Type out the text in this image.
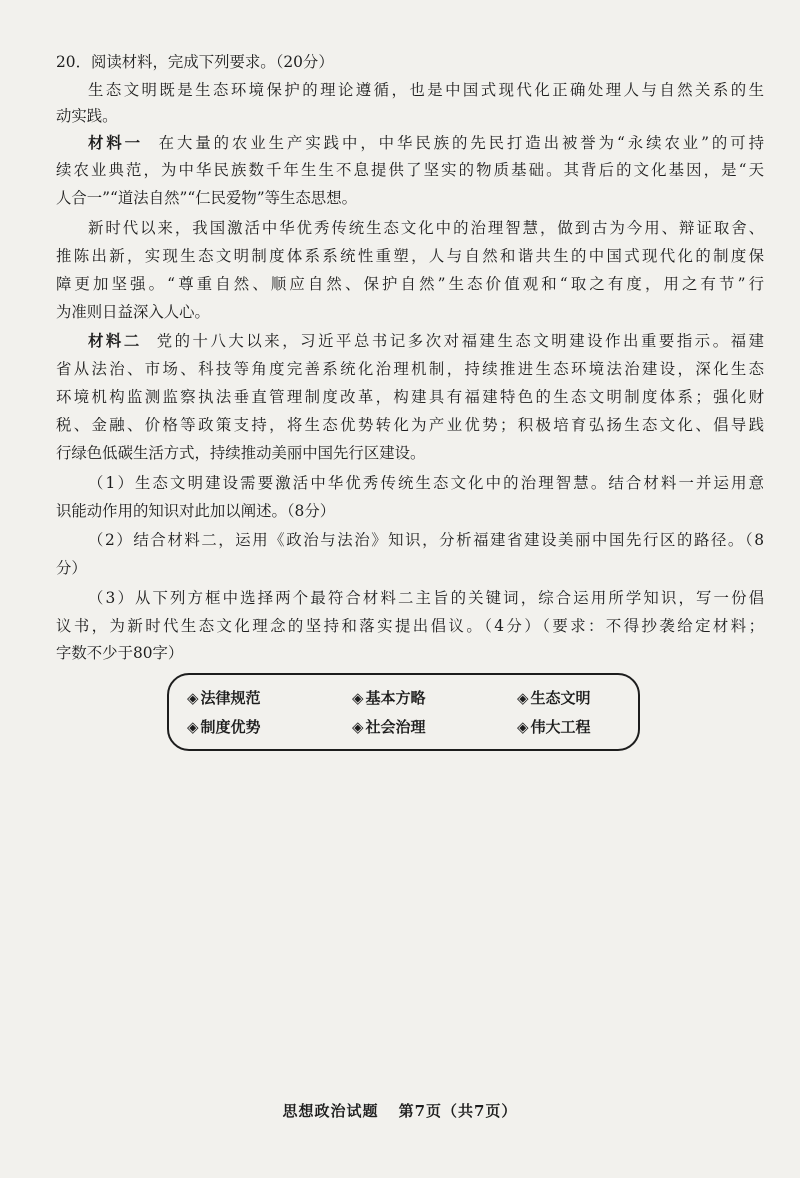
20．阅读材料，完成下列要求。（20分）
生态文明既是生态环境保护的理论遵循，也是中国式现代化正确处理人与自然关系的生
动实践。
材料一 在大量的农业生产实践中，中华民族的先民打造出被誉为“永续农业”的可持
续农业典范，为中华民族数千年生生不息提供了坚实的物质基础。其背后的文化基因，是“天
人合一”“道法自然”“仁民爱物”等生态思想。
新时代以来，我国激活中华优秀传统生态文化中的治理智慧，做到古为今用、辩证取舍、
推陈出新，实现生态文明制度体系系统性重塑，人与自然和谐共生的中国式现代化的制度保
障更加坚强。“尊重自然、顺应自然、保护自然”生态价值观和“取之有度，用之有节”行
为准则日益深入人心。
材料二 党的十八大以来，习近平总书记多次对福建生态文明建设作出重要指示。福建
省从法治、市场、科技等角度完善系统化治理机制，持续推进生态环境法治建设，深化生态
环境机构监测监察执法垂直管理制度改革，构建具有福建特色的生态文明制度体系；强化财
税、金融、价格等政策支持，将生态优势转化为产业优势；积极培育弘扬生态文化、倡导践
行绿色低碳生活方式，持续推动美丽中国先行区建设。
（1）生态文明建设需要激活中华优秀传统生态文化中的治理智慧。结合材料一并运用意
识能动作用的知识对此加以阐述。（8分）
（2）结合材料二，运用《政治与法治》知识，分析福建省建设美丽中国先行区的路径。（8
分）
（3）从下列方框中选择两个最符合材料二主旨的关键词，综合运用所学知识，写一份倡
议书，为新时代生态文化理念的坚持和落实提出倡议。（4分）（要求：不得抄袭给定材料；
字数不少于80字）
◈ 法律规范	◈ 基本方略	◈ 生态文明
◈ 制度优势	◈ 社会治理	◈ 伟大工程
思想政治试题 第7页（共7页）
